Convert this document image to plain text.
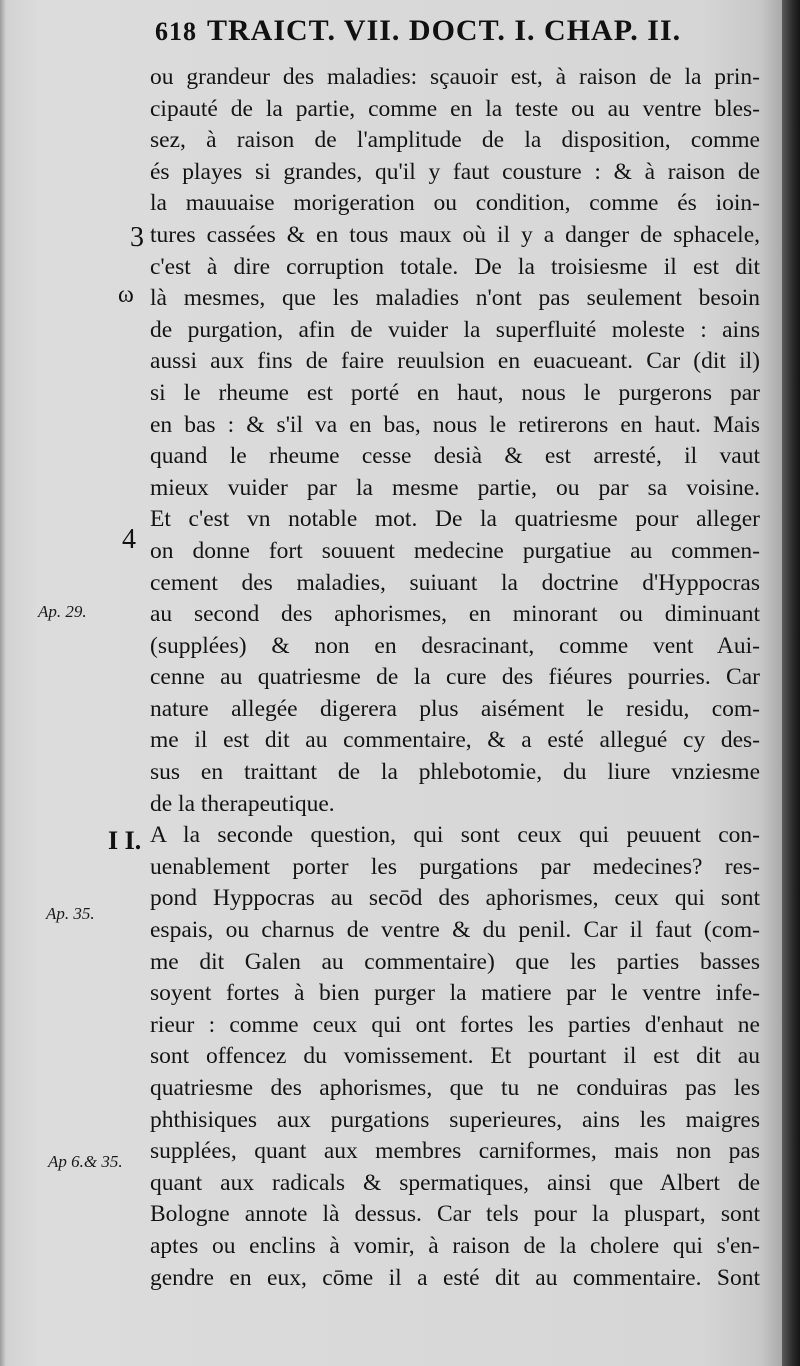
618 TRAICT. VII. DOCT. I. CHAP. II.
3
ω
4
Ap. 29.
I I.
Ap. 35.
Ap 6.& 35.
ou grandeur des maladies: sçauoir est, à raison de la prin-
cipauté de la partie, comme en la teste ou au ventre bles-
sez, à raison de l'amplitude de la disposition, comme
és playes si grandes, qu'il y faut cousture : & à raison de
la mauuaise morigeration ou condition, comme és ioin-
tures cassées & en tous maux où il y a danger de sphacele,
c'est à dire corruption totale. De la troisiesme il est dit
là mesmes, que les maladies n'ont pas seulement besoin
de purgation, afin de vuider la superfluité moleste : ains
aussi aux fins de faire reuulsion en euacueant. Car (dit il)
si le rheume est porté en haut, nous le purgerons par
en bas : & s'il va en bas, nous le retirerons en haut. Mais
quand le rheume cesse desià & est arresté, il vaut
mieux vuider par la mesme partie, ou par sa voisine.
Et c'est vn notable mot. De la quatriesme pour alleger
on donne fort souuent medecine purgatiue au commen-
cement des maladies, suiuant la doctrine d'Hyppocras
au second des aphorismes, en minorant ou diminuant
(supplées) & non en desracinant, comme vent Aui-
cenne au quatriesme de la cure des fiéures pourries. Car
nature allegée digerera plus aisément le residu, com-
me il est dit au commentaire, & a esté allegué cy des-
sus en traittant de la phlebotomie, du liure vnziesme
de la therapeutique.
A la seconde question, qui sont ceux qui peuuent con-
uenablement porter les purgations par medecines? res-
pond Hyppocras au secōd des aphorismes, ceux qui sont
espais, ou charnus de ventre & du penil. Car il faut (com-
me dit Galen au commentaire) que les parties basses
soyent fortes à bien purger la matiere par le ventre infe-
rieur : comme ceux qui ont fortes les parties d'enhaut ne
sont offencez du vomissement. Et pourtant il est dit au
quatriesme des aphorismes, que tu ne conduiras pas les
phthisiques aux purgations superieures, ains les maigres
supplées, quant aux membres carniformes, mais non pas
quant aux radicals & spermatiques, ainsi que Albert de
Bologne annote là dessus. Car tels pour la pluspart, sont
aptes ou enclins à vomir, à raison de la cholere qui s'en-
gendre en eux, cōme il a esté dit au commentaire. Sont
